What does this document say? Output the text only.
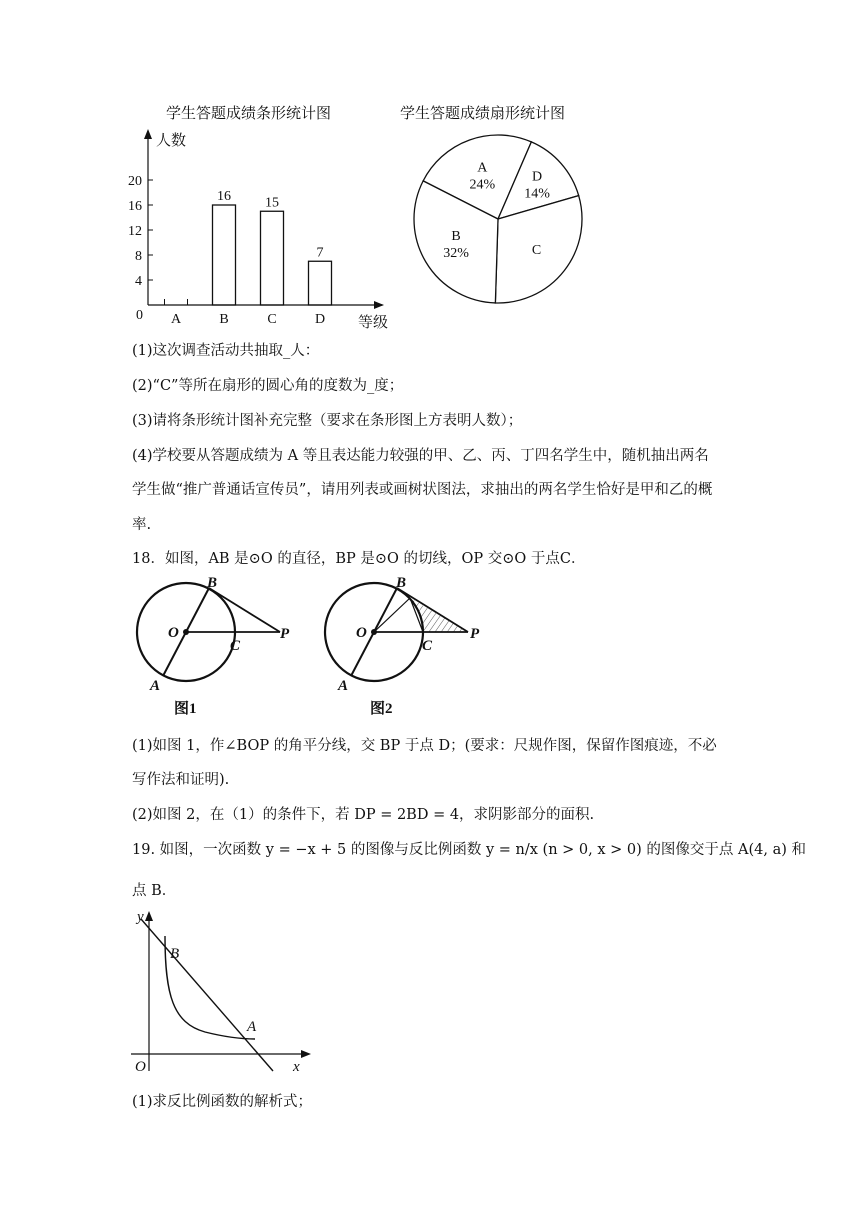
学生答题成绩条形统计图	学生答题成绩扇形统计图
4
8
12
16
20
A
16
B
15
C
7
D
人数
等级
0
A
24%
D
14%
C
B
32%
(1)这次调查活动共抽取_人：
(2)“C”等所在扇形的圆心角的度数为_度；
(3)请将条形统计图补充完整（要求在条形图上方表明人数）；
(4)学校要从答题成绩为 A 等且表达能力较强的甲、乙、丙、丁四名学生中，随机抽出两名
学生做“推广普通话宣传员”，请用列表或画树状图法，求抽出的两名学生恰好是甲和乙的概
率.
18．如图，AB 是⊙O 的直径，BP 是⊙O 的切线，OP 交⊙O 于点C．
B
O
C
P
A
图1
B
O
C
P
A
图2
(1)如图 1，作∠BOP 的角平分线，交 BP 于点 D；(要求：尺规作图，保留作图痕迹，不必
写作法和证明).
(2)如图 2，在（1）的条件下，若 DP = 2BD = 4，求阴影部分的面积.
19. 如图，一次函数 y = −x + 5 的图像与反比例函数 y = n/x (n > 0, x > 0) 的图像交于点 A(4, a) 和
点 B．
y
x
O
B
A
(1)求反比例函数的解析式；
